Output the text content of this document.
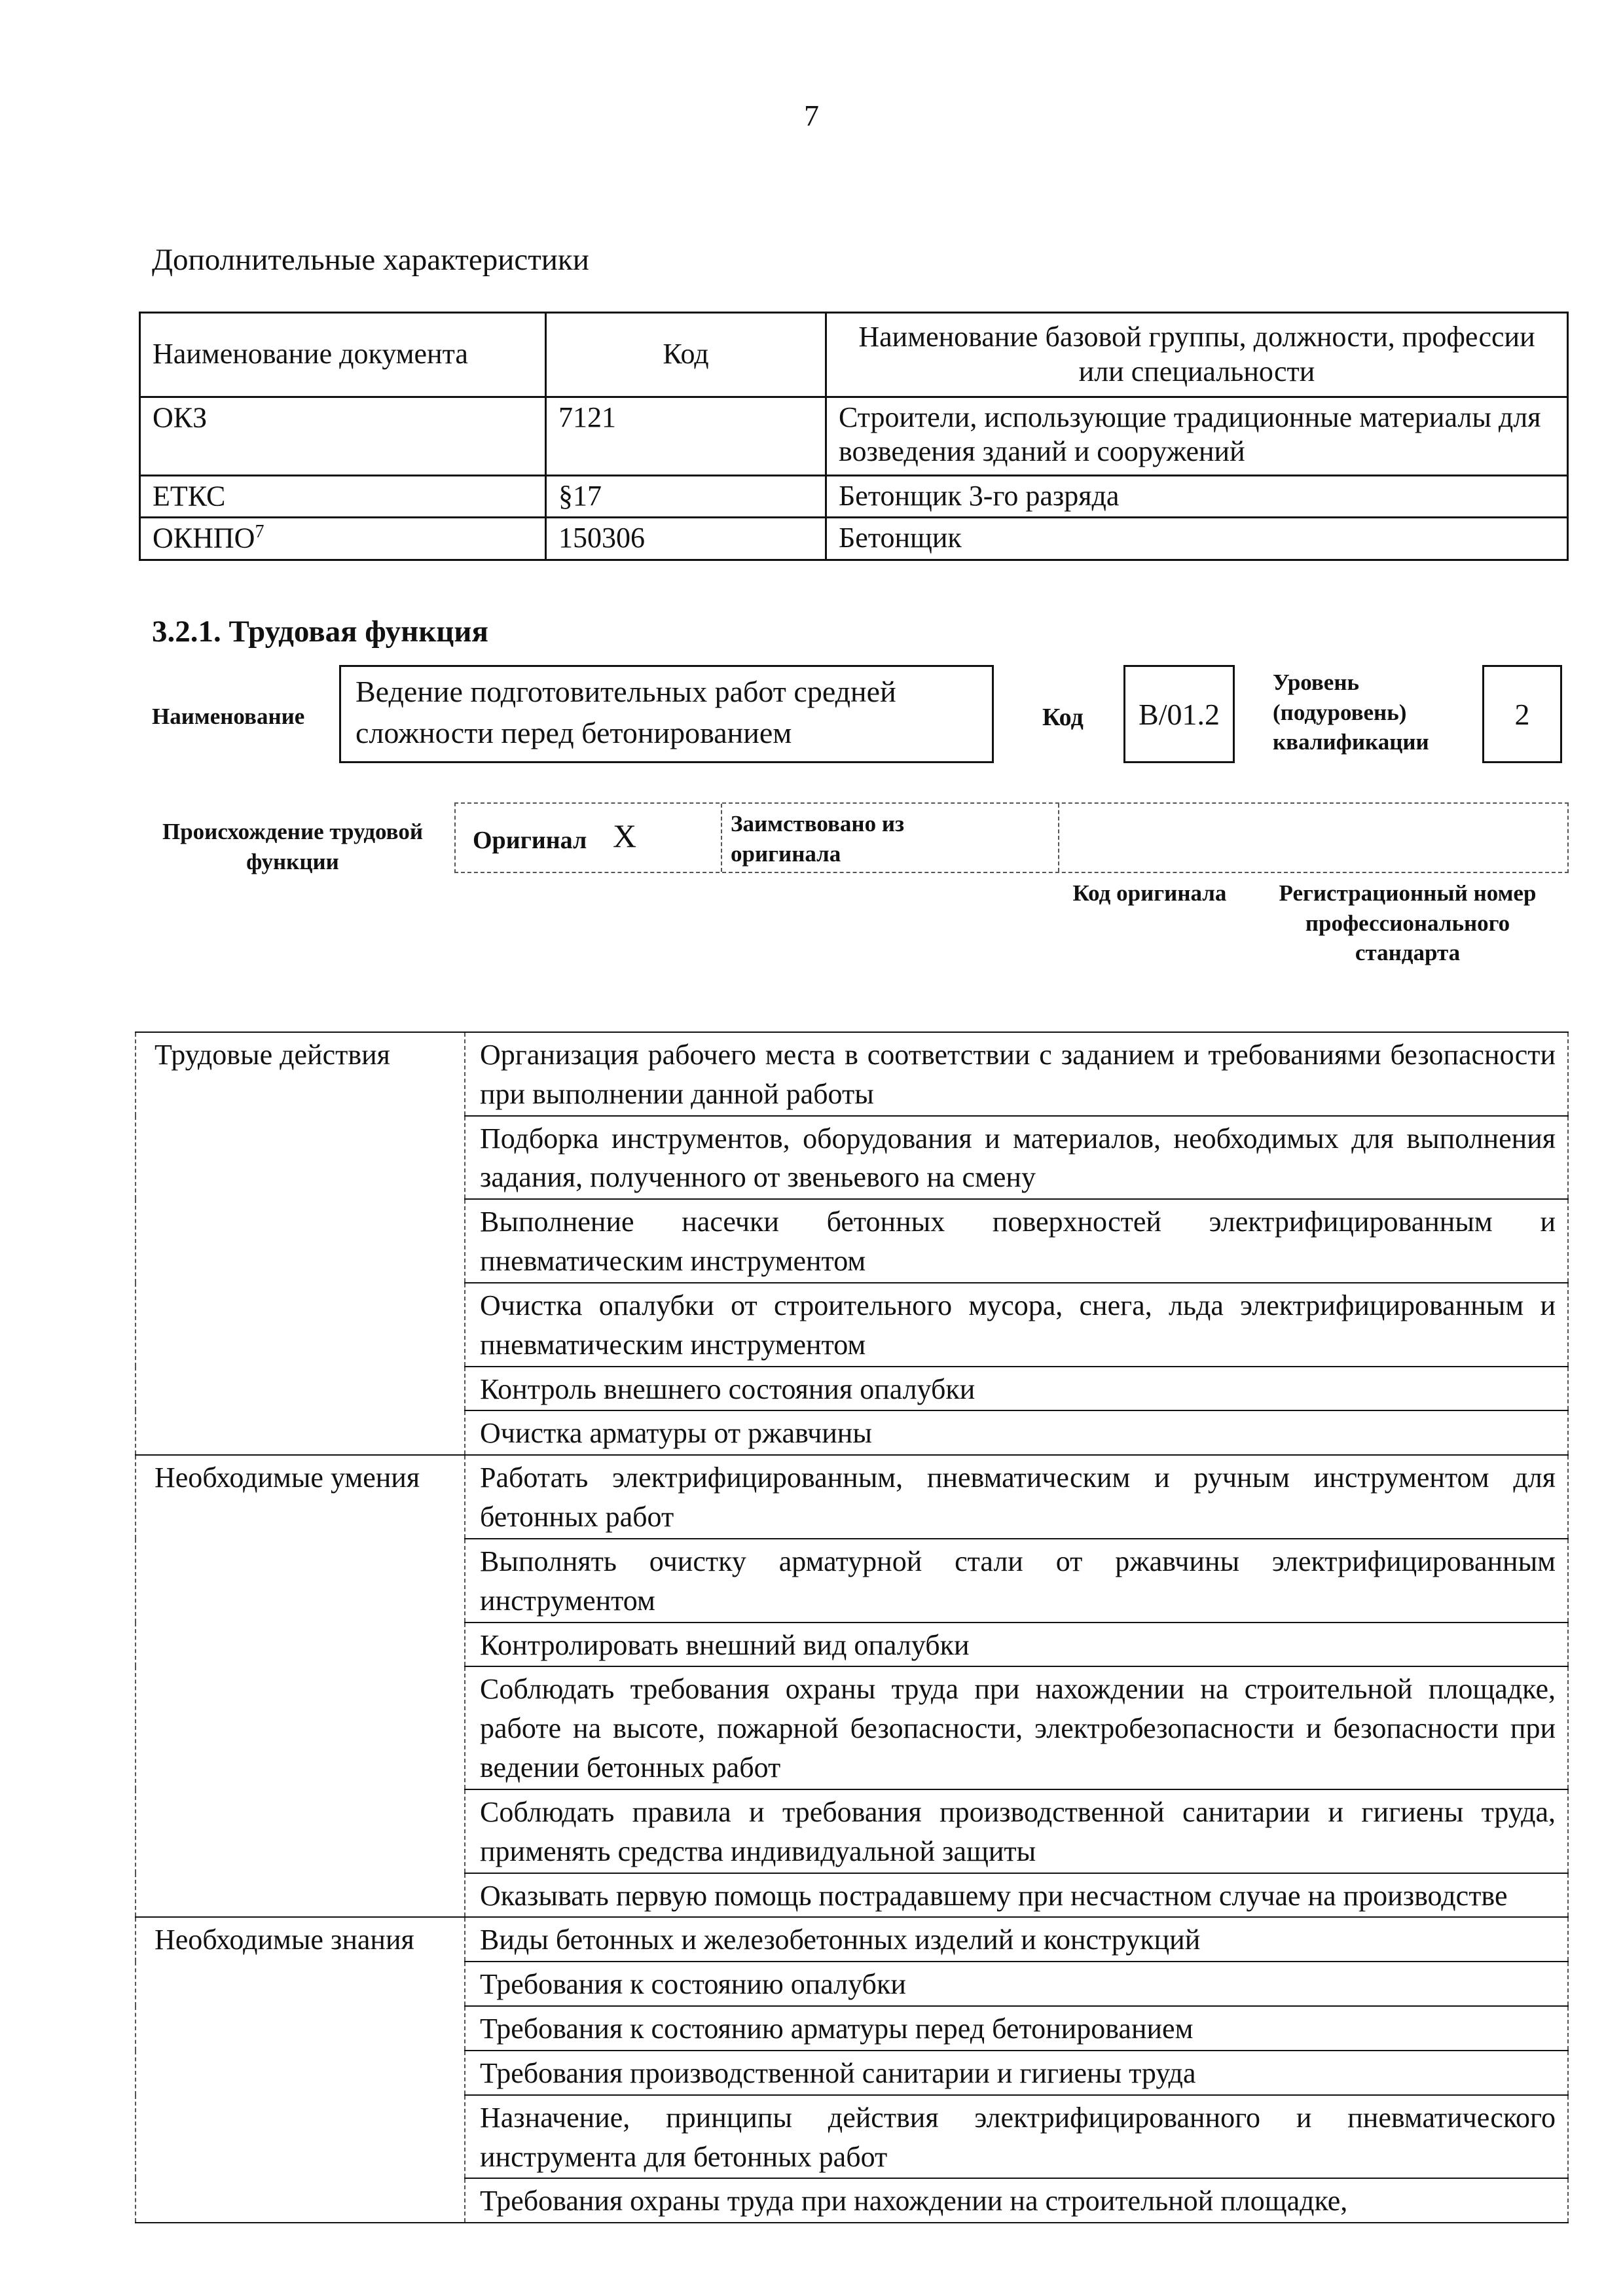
7
Дополнительные характеристики
Наименование документа	Код	Наименование базовой группы, должности, профессии или специальности
ОКЗ	7121	Строители, использующие традиционные материалы для возведения зданий и сооружений
ЕТКС	§17	Бетонщик 3-го разряда
ОКНПО$^7$	150306	Бетонщик
3.2.1. Трудовая функция
Наименование
Ведение подготовительных работ средней сложности перед бетонированием	Код	B/01.2
Уровень (подуровень) квалификации
2
Происхождение трудовой функции
Оригинал X	Заимствовано из оригинала
Код оригинала	Регистрационный номер профессионального стандарта
Трудовые действия	Организация рабочего места в соответствии с заданием и требованиями безопасности при выполнении данной работы
	Подборка инструментов, оборудования и материалов, необходимых для выполнения задания, полученного от звеньевого на смену
	Выполнение насечки бетонных поверхностей электрифицированным и пневматическим инструментом
	Очистка опалубки от строительного мусора, снега, льда электрифицированным и пневматическим инструментом
	Контроль внешнего состояния опалубки
	Очистка арматуры от ржавчины
Необходимые умения	Работать электрифицированным, пневматическим и ручным инструментом для бетонных работ
	Выполнять очистку арматурной стали от ржавчины электрифицированным инструментом
	Контролировать внешний вид опалубки
	Соблюдать требования охраны труда при нахождении на строительной площадке, работе на высоте, пожарной безопасности, электробезопасности и безопасности при ведении бетонных работ
	Соблюдать правила и требования производственной санитарии и гигиены труда, применять средства индивидуальной защиты
	Оказывать первую помощь пострадавшему при несчастном случае на производстве
Необходимые знания	Виды бетонных и железобетонных изделий и конструкций
	Требования к состоянию опалубки
	Требования к состоянию арматуры перед бетонированием
	Требования производственной санитарии и гигиены труда
	Назначение, принципы действия электрифицированного и пневматического инструмента для бетонных работ
	Требования охраны труда при нахождении на строительной площадке,
